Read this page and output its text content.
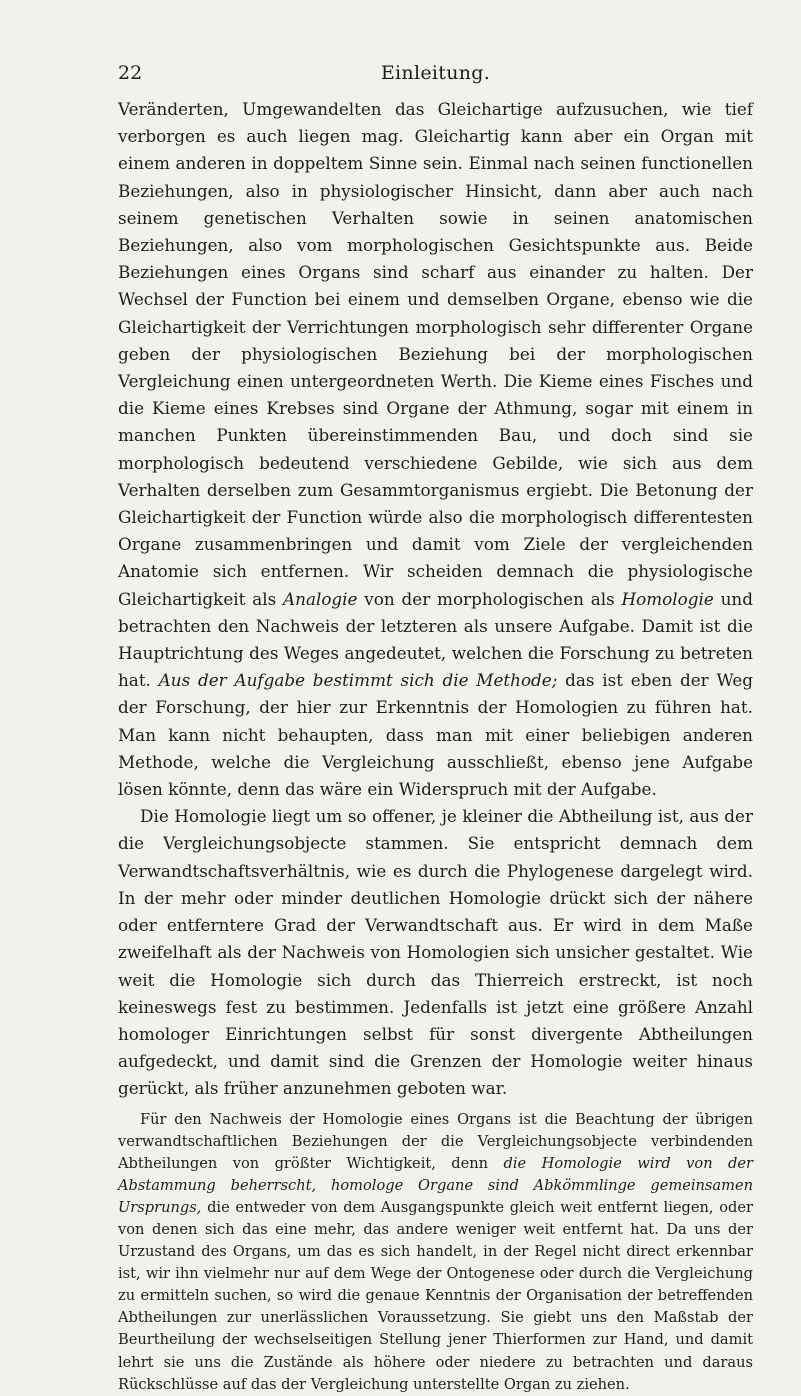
22	Einleitung.

Veränderten, Umgewandelten das Gleichartige aufzusuchen, wie tief verborgen es auch liegen mag. Gleichartig kann aber ein Organ mit einem anderen in doppeltem Sinne sein. Einmal nach seinen functionellen Beziehungen, also in physiologischer Hinsicht, dann aber auch nach seinem genetischen Verhalten sowie in seinen anatomischen Beziehungen, also vom morphologischen Gesichtspunkte aus. Beide Beziehungen eines Organs sind scharf aus einander zu halten. Der Wechsel der Function bei einem und demselben Organe, ebenso wie die Gleichartigkeit der Verrichtungen morphologisch sehr differenter Organe geben der physiologischen Beziehung bei der morphologischen Vergleichung einen untergeordneten Werth. Die Kieme eines Fisches und die Kieme eines Krebses sind Organe der Athmung, sogar mit einem in manchen Punkten übereinstimmenden Bau, und doch sind sie morphologisch bedeutend verschiedene Gebilde, wie sich aus dem Verhalten derselben zum Gesammtorganismus ergiebt. Die Betonung der Gleichartigkeit der Function würde also die morphologisch differentesten Organe zusammenbringen und damit vom Ziele der vergleichenden Anatomie sich entfernen. Wir scheiden demnach die physiologische Gleichartigkeit als Analogie von der morphologischen als Homologie und betrachten den Nachweis der letzteren als unsere Aufgabe. Damit ist die Hauptrichtung des Weges angedeutet, welchen die Forschung zu betreten hat. Aus der Aufgabe bestimmt sich die Methode; das ist eben der Weg der Forschung, der hier zur Erkenntnis der Homologien zu führen hat. Man kann nicht behaupten, dass man mit einer beliebigen anderen Methode, welche die Vergleichung ausschließt, ebenso jene Aufgabe lösen könnte, denn das wäre ein Widerspruch mit der Aufgabe.

Die Homologie liegt um so offener, je kleiner die Abtheilung ist, aus der die Vergleichungsobjecte stammen. Sie entspricht demnach dem Verwandtschaftsverhältnis, wie es durch die Phylogenese dargelegt wird. In der mehr oder minder deutlichen Homologie drückt sich der nähere oder entferntere Grad der Verwandtschaft aus. Er wird in dem Maße zweifelhaft als der Nachweis von Homologien sich unsicher gestaltet. Wie weit die Homologie sich durch das Thierreich erstreckt, ist noch keineswegs fest zu bestimmen. Jedenfalls ist jetzt eine größere Anzahl homologer Einrichtungen selbst für sonst divergente Abtheilungen aufgedeckt, und damit sind die Grenzen der Homologie weiter hinaus gerückt, als früher anzunehmen geboten war.

Für den Nachweis der Homologie eines Organs ist die Beachtung der übrigen verwandtschaftlichen Beziehungen der die Vergleichungsobjecte verbindenden Abtheilungen von größter Wichtigkeit, denn die Homologie wird von der Abstammung beherrscht, homologe Organe sind Abkömmlinge gemeinsamen Ursprungs, die entweder von dem Ausgangspunkte gleich weit entfernt liegen, oder von denen sich das eine mehr, das andere weniger weit entfernt hat. Da uns der Urzustand des Organs, um das es sich handelt, in der Regel nicht direct erkennbar ist, wir ihn vielmehr nur auf dem Wege der Ontogenese oder durch die Vergleichung zu ermitteln suchen, so wird die genaue Kenntnis der Organisation der betreffenden Abtheilungen zur unerlässlichen Voraussetzung. Sie giebt uns den Maßstab der Beurtheilung der wechselseitigen Stellung jener Thierformen zur Hand, und damit lehrt sie uns die Zustände als höhere oder niedere zu betrachten und daraus Rückschlüsse auf das der Vergleichung unterstellte Organ zu ziehen.
